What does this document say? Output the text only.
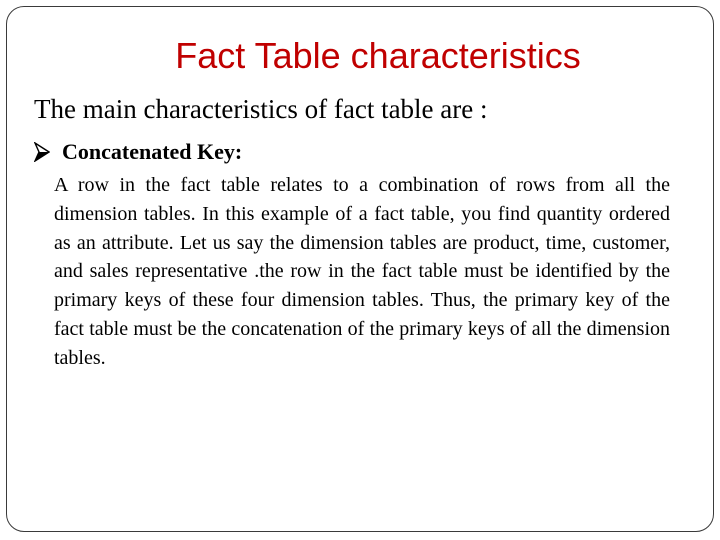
Fact Table characteristics
The main characteristics of fact table are :
Concatenated Key:

A row in the fact table relates to a combination of rows from all the dimension tables. In this example of a fact table, you find quantity ordered as an attribute. Let us say the dimension tables are product, time, customer, and sales representative .the row in the fact table must be identified by the primary keys of these four dimension tables. Thus, the primary key of the fact table must be the concatenation of the primary keys of all the dimension tables.
